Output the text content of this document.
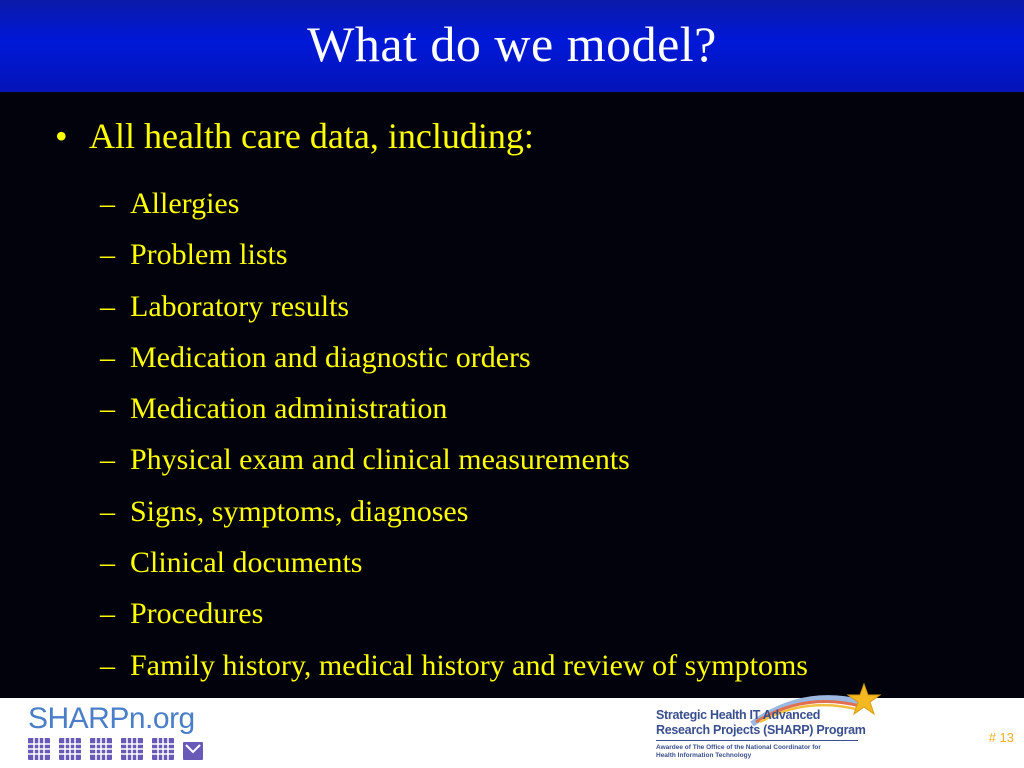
What do we model?
• All health care data, including:
– Allergies
– Problem lists
– Laboratory results
– Medication and diagnostic orders
– Medication administration
– Physical exam and clinical measurements
– Signs, symptoms, diagnoses
– Clinical documents
– Procedures
– Family history, medical history and review of symptoms
SHARPn.org	Strategic Health IT Advanced
Research Projects (SHARP) Program
Awardee of The Office of the National Coordinator for
Health Information Technology
# 13
